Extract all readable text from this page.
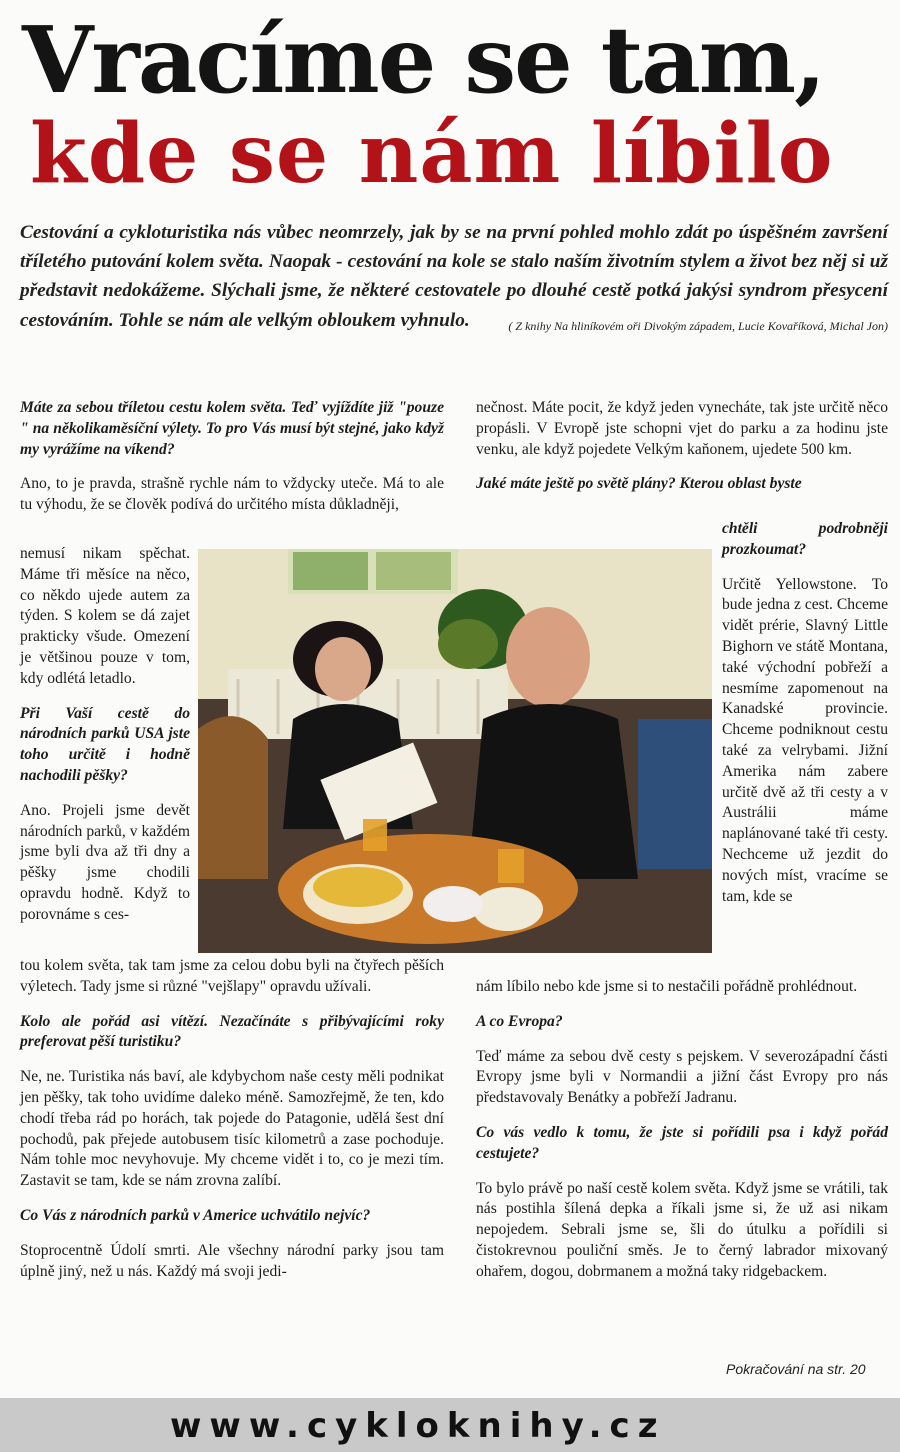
Vracíme se tam,
kde se nám líbilo
Cestování a cykloturistika nás vůbec neomrzely, jak by se na první pohled mohlo zdát po úspěšném završení tříletého putování kolem světa. Naopak - cestování na kole se stalo naším životním stylem a život bez něj si už představit nedokážeme. Slýchali jsme, že některé cestovatele po dlouhé cestě potká jakýsi syndrom přesycení cestováním. Tohle se nám ale velkým obloukem vyhnulo.	( Z knihy Na hliníkovém oři Divokým západem, Lucie Kovaříková, Michal Jon)

Máte za sebou tříletou cestu kolem světa. Teď vyjíždíte již "pouze " na několikaměsíční výlety. To pro Vás musí být stejné, jako když my vyrážíme na víkend?

Ano, to je pravda, strašně rychle nám to vždycky uteče. Má to ale tu výhodu, že se člověk podívá do určitého místa důkladněji,

nemusí nikam spěchat. Máme tři měsíce na něco, co někdo ujede autem za týden. S kolem se dá zajet prakticky všude. Omezení je většinou pouze v tom, kdy odlétá letadlo.

Při Vaší cestě do národních parků USA jste toho určitě i hodně nachodili pěšky?

Ano. Projeli jsme devět národních parků, v každém jsme byli dva až tři dny a pěšky jsme chodili opravdu hodně. Když to porovnáme s ces-

tou kolem světa, tak tam jsme za celou dobu byli na čtyřech pěších výletech. Tady jsme si různé "vejšlapy" opravdu užívali.

Kolo ale pořád asi vítězí. Nezačínáte s přibývajícími roky preferovat pěší turistiku?

Ne, ne. Turistika nás baví, ale kdybychom naše cesty měli podnikat jen pěšky, tak toho uvidíme daleko méně. Samozřejmě, že ten, kdo chodí třeba rád po horách, tak pojede do Patagonie, udělá šest dní pochodů, pak přejede autobusem tisíc kilometrů a zase pochoduje. Nám tohle moc nevyhovuje. My chceme vidět i to, co je mezi tím. Zastavit se tam, kde se nám zrovna zalíbí.

Co Vás z národních parků v Americe uchvátilo nejvíc?

Stoprocentně Údolí smrti. Ale všechny národní parky jsou tam úplně jiný, než u nás. Každý má svoji jedi-

nečnost. Máte pocit, že když jeden vynecháte, tak jste určitě něco propásli. V Evropě jste schopni vjet do parku a za hodinu jste venku, ale když pojedete Velkým kaňonem, ujedete 500 km.

Jaké máte ještě po světě plány? Kterou oblast byste

chtěli podrobněji prozkoumat?

Určitě Yellowstone. To bude jedna z cest. Chceme vidět prérie, Slavný Little Bighorn ve státě Montana, také východní pobřeží a nesmíme zapomenout na Kanadské provincie. Chceme podniknout cestu také za velrybami. Jižní Amerika nám zabere určitě dvě až tři cesty a v Austrálii máme naplánované také tři cesty. Nechceme už jezdit do nových míst, vracíme se tam, kde se

nám líbilo nebo kde jsme si to nestačili pořádně prohlédnout.

A co Evropa?

Teď máme za sebou dvě cesty s pejskem. V severozápadní části Evropy jsme byli v Normandii a jižní část Evropy pro nás představovaly Benátky a pobřeží Jadranu.

Co vás vedlo k tomu, že jste si pořídili psa i když pořád cestujete?

To bylo právě po naší cestě kolem světa. Když jsme se vrátili, tak nás postihla šílená depka a říkali jsme si, že už asi nikam nepojedem. Sebrali jsme se, šli do útulku a pořídili si čistokrevnou pouliční směs. Je to černý labrador mixovaný ohařem, dogou, dobrmanem a možná taky ridgebackem.

Pokračování na str. 20
www.cykloknihy.cz
